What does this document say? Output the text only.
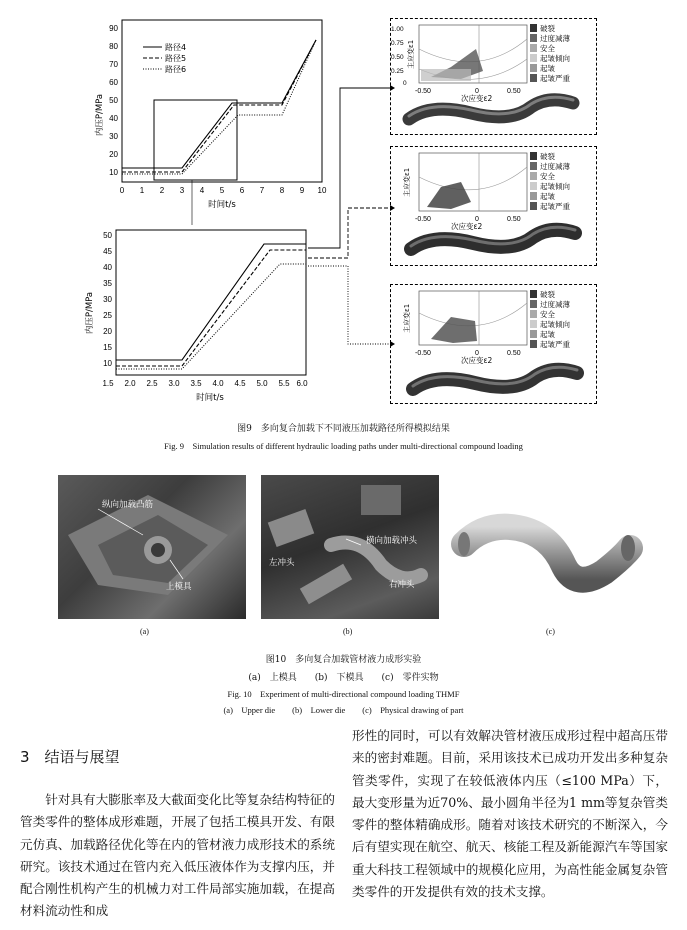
10
20
30
40
50
60
70
80
90
0 1 2 3 4 5 6 7 8 9 10
时间t/s
内压P/MPa
路径4
路径5
路径6
10
15
20
25
30
35
40
45
50
1.5 2.0 2.5 3.0 3.5 4.0 4.5 5.0 5.5 6.0
时间t/s
内压P/MPa
1.00
0.75
0.50
0.25
0
-0.50	0	0.50
次应变ε2
主应变ε1
破裂
过度减薄
安全
起皱倾向
起皱
起皱严重
-0.50	0	0.50
次应变ε2
主应变ε1
破裂
过度减薄
安全
起皱倾向
起皱
起皱严重
-0.50	0	0.50
次应变ε2
主应变ε1
破裂
过度减薄
安全
起皱倾向
起皱
起皱严重
图9　多向复合加载下不同液压加载路径所得模拟结果
Fig. 9　Simulation results of different hydraulic loading paths under multi-directional compound loading
纵向加载凸筋
上模具
横向加载冲头
左冲头
右冲头
(a)	(b)	(c)
图10　多向复合加载管材液力成形实验
(a)　上模具　　(b)　下模具　　(c)　零件实物
Fig. 10　Experiment of multi-directional compound loading THMF
(a)　Upper die　　(b)　Lower die　　(c)　Physical drawing of part
3　结语与展望
针对具有大膨胀率及大截面变化比等复杂结构特征的管类零件的整体成形难题，开展了包括工模具开发、有限元仿真、加载路径优化等在内的管材液力成形技术的系统研究。该技术通过在管内充入低压液体作为支撑内压，并配合刚性机构产生的机械力对工件局部实施加载，在提高材料流动性和成
形性的同时，可以有效解决管材液压成形过程中超高压带来的密封难题。目前，采用该技术已成功开发出多种复杂管类零件，实现了在较低液体内压（≤100 MPa）下，最大变形量为近70%、最小圆角半径为1 mm等复杂管类零件的整体精确成形。随着对该技术研究的不断深入，今后有望实现在航空、航天、核能工程及新能源汽车等国家重大科技工程领域中的规模化应用，为高性能金属复杂管类零件的开发提供有效的技术支撑。
